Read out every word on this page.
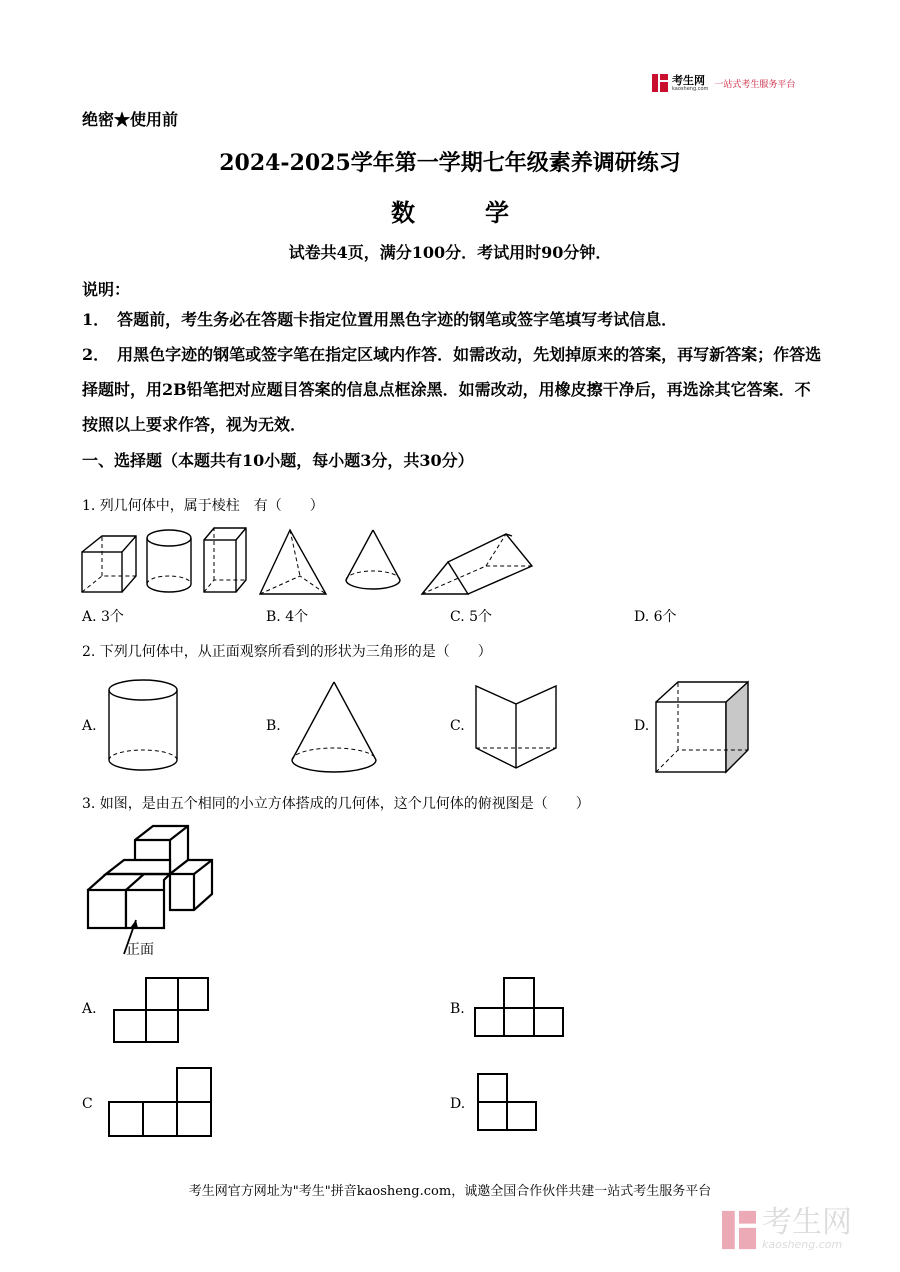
考生网
kaosheng.com 一站式考生服务平台
绝密★使用前
2024-2025学年第一学期七年级素养调研练习
数学
试卷共4页，满分100分．考试用时90分钟．
说明：
1．　答题前，考生务必在答题卡指定位置用黑色字迹的钢笔或签字笔填写考试信息．
2．　用黑色字迹的钢笔或签字笔在指定区域内作答．如需改动，先划掉原来的答案，再写新答案；作答选择题时，用2B铅笔把对应题目答案的信息点框涂黑．如需改动，用橡皮擦干净后，再选涂其它答案．不按照以上要求作答，视为无效．
一、选择题（本题共有10小题，每小题3分，共30分）
1. 列几何体中，属于棱柱　有（　　）
A. 3个	B. 4个	C. 5个	D. 6个
2. 下列几何体中，从正面观察所看到的形状为三角形的是（　　）
A.	B.	C.	D.
3. 如图，是由五个相同的小立方体搭成的几何体，这个几何体的俯视图是（　　）
正面
A.	B.
C	D.
考生网官方网址为"考生"拼音kaosheng.com，诚邀全国合作伙伴共建一站式考生服务平台
考生网
kaosheng.com
